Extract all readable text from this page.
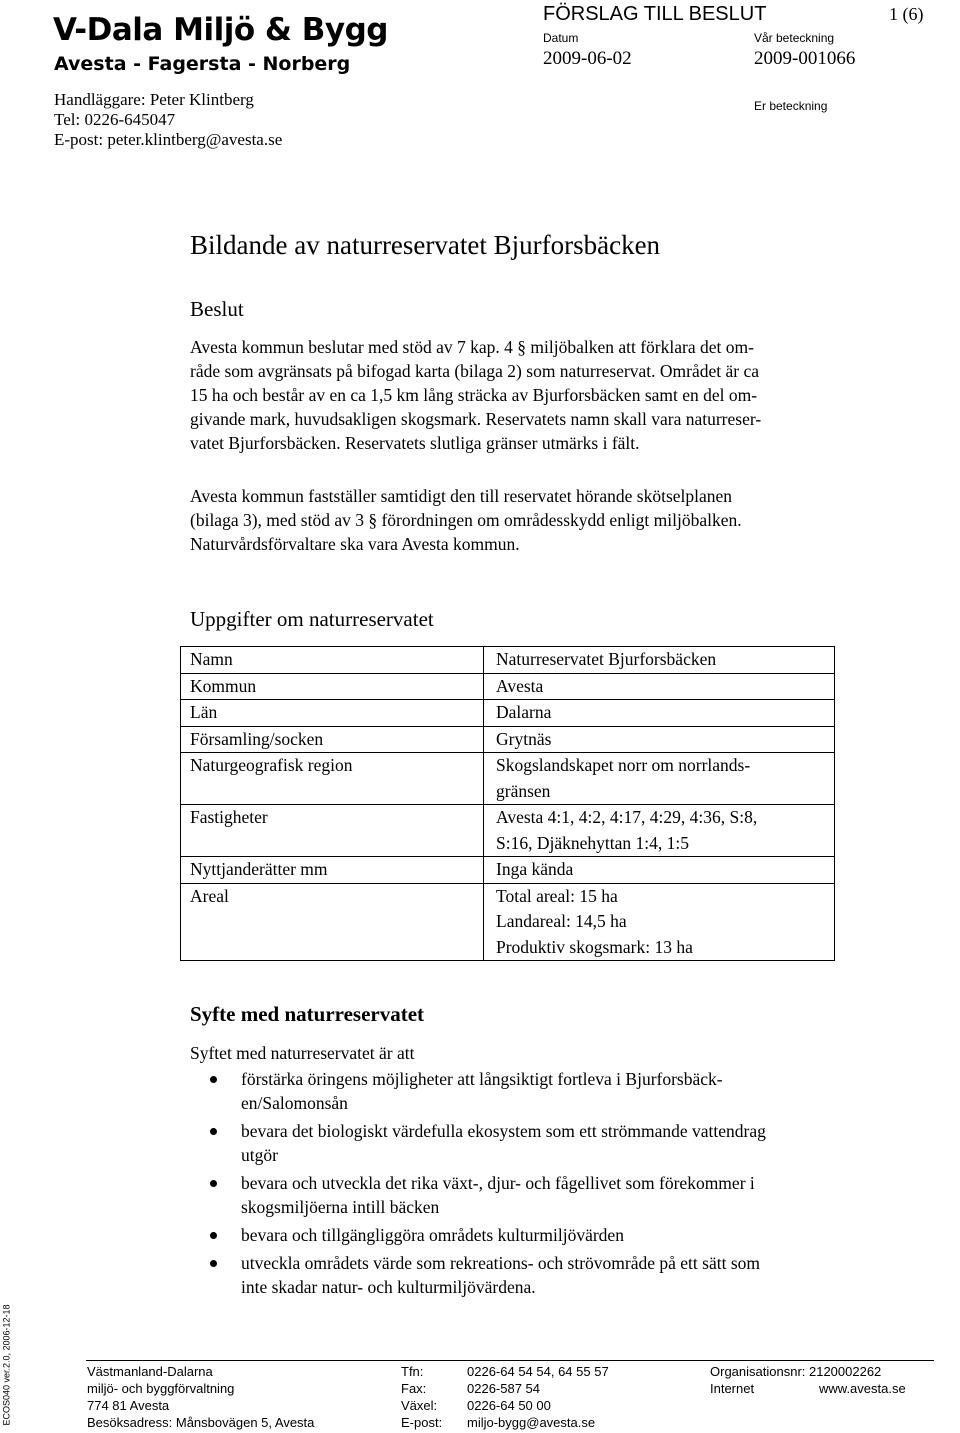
V-Dala Miljö & Bygg
Avesta - Fagersta - Norberg
Handläggare: Peter Klintberg
Tel: 0226-645047
E-post: peter.klintberg@avesta.se
FÖRSLAG TILL BESLUT	1 (6)
Datum
2009-06-02
Vår beteckning
2009-001066
Er beteckning
Bildande av naturreservatet Bjurforsbäcken
Beslut
Avesta kommun beslutar med stöd av 7 kap. 4 § miljöbalken att förklara det om-
råde som avgränsats på bifogad karta (bilaga 2) som naturreservat. Området är ca
15 ha och består av en ca 1,5 km lång sträcka av Bjurforsbäcken samt en del om-
givande mark, huvudsakligen skogsmark. Reservatets namn skall vara naturreser-
vatet Bjurforsbäcken. Reservatets slutliga gränser utmärks i fält.
Avesta kommun fastställer samtidigt den till reservatet hörande skötselplanen
(bilaga 3), med stöd av 3 § förordningen om områdesskydd enligt miljöbalken.
Naturvårdsförvaltare ska vara Avesta kommun.
Uppgifter om naturreservatet
Namn	Naturreservatet Bjurforsbäcken

Kommun	Avesta

Län	Dalarna

Församling/socken	Grytnäs

Naturgeografisk region	Skogslandskapet norr om norrlands-
gränsen

Fastigheter	Avesta 4:1, 4:2, 4:17, 4:29, 4:36, S:8,
S:16, Djäknehyttan 1:4, 1:5

Nyttjanderätter mm	Inga kända

Areal	Total areal: 15 ha
Landareal: 14,5 ha
Produktiv skogsmark: 13 ha
Syfte med naturreservatet
Syftet med naturreservatet är att
förstärka öringens möjligheter att långsiktigt fortleva i Bjurforsbäck-
en/Salomonsån
bevara det biologiskt värdefulla ekosystem som ett strömmande vattendrag
utgör
bevara och utveckla det rika växt-, djur- och fågellivet som förekommer i
skogsmiljöerna intill bäcken
bevara och tillgängliggöra områdets kulturmiljövärden
utveckla områdets värde som rekreations- och strövområde på ett sätt som
inte skadar natur- och kulturmiljövärdena.
ECOS040 ver.2.0, 2006-12-18	Västmanland-Dalarna
miljö- och byggförvaltning
774 81 Avesta
Besöksadress: Månsbovägen 5, Avesta
Tfn:
Fax:
Växel:
E-post:
0226-64 54 54, 64 55 57
0226-587 54
0226-64 50 00
miljo-bygg@avesta.se
Organisationsnr: 2120002262
Internet	www.avesta.se
